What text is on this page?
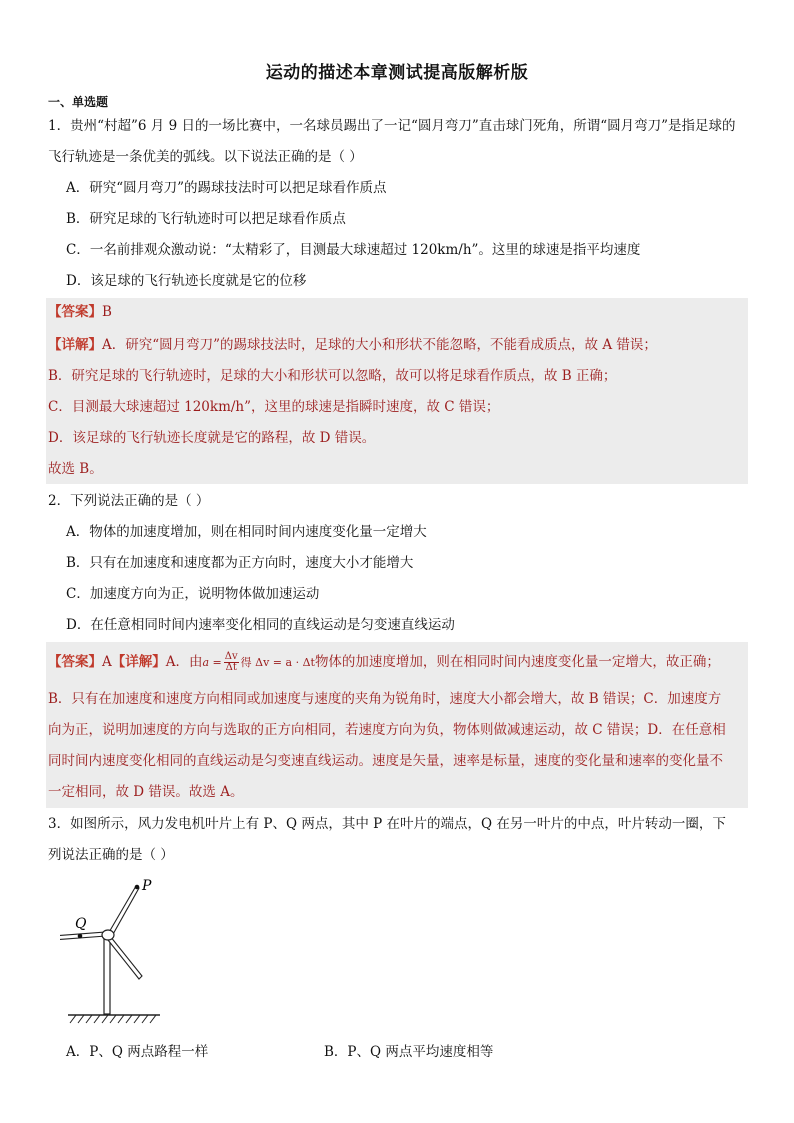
运动的描述本章测试提高版解析版
一、单选题
1．贵州“村超”6 月 9 日的一场比赛中，一名球员踢出了一记“圆月弯刀”直击球门死角，所谓“圆月弯刀”是指足球的
飞行轨迹是一条优美的弧线。以下说法正确的是（ ）
A．研究“圆月弯刀”的踢球技法时可以把足球看作质点
B．研究足球的飞行轨迹时可以把足球看作质点
C．一名前排观众激动说：“太精彩了，目测最大球速超过 120km/h”。这里的球速是指平均速度
D．该足球的飞行轨迹长度就是它的位移
【答案】B
【详解】A．研究“圆月弯刀”的踢球技法时，足球的大小和形状不能忽略，不能看成质点，故 A 错误；
B．研究足球的飞行轨迹时，足球的大小和形状可以忽略，故可以将足球看作质点，故 B 正确；
C．目测最大球速超过 120km/h”，这里的球速是指瞬时速度，故 C 错误；
D．该足球的飞行轨迹长度就是它的路程，故 D 错误。
故选 B。
2．下列说法正确的是（ ）
A．物体的加速度增加，则在相同时间内速度变化量一定增大
B．只有在加速度和速度都为正方向时，速度大小才能增大
C．加速度方向为正，说明物体做加速运动
D．在任意相同时间内速率变化相同的直线运动是匀变速直线运动
【答案】A【详解】A．由$a = \frac{\Delta v}{\Delta t}$ 得 Δv = a · Δt物体的加速度增加，则在相同时间内速度变化量一定增大，故正确；
B．只有在加速度和速度方向相同或加速度与速度的夹角为锐角时，速度大小都会增大，故 B 错误；C．加速度方
向为正，说明加速度的方向与选取的正方向相同，若速度方向为负，物体则做减速运动，故 C 错误；D．在任意相
同时间内速度变化相同的直线运动是匀变速直线运动。速度是矢量，速率是标量，速度的变化量和速率的变化量不
一定相同，故 D 错误。故选 A。
3．如图所示，风力发电机叶片上有 P、Q 两点，其中 P 在叶片的端点，Q 在另一叶片的中点，叶片转动一圈，下
列说法正确的是（ ）
P
Q
A．P、Q 两点路程一样	B．P、Q 两点平均速度相等
